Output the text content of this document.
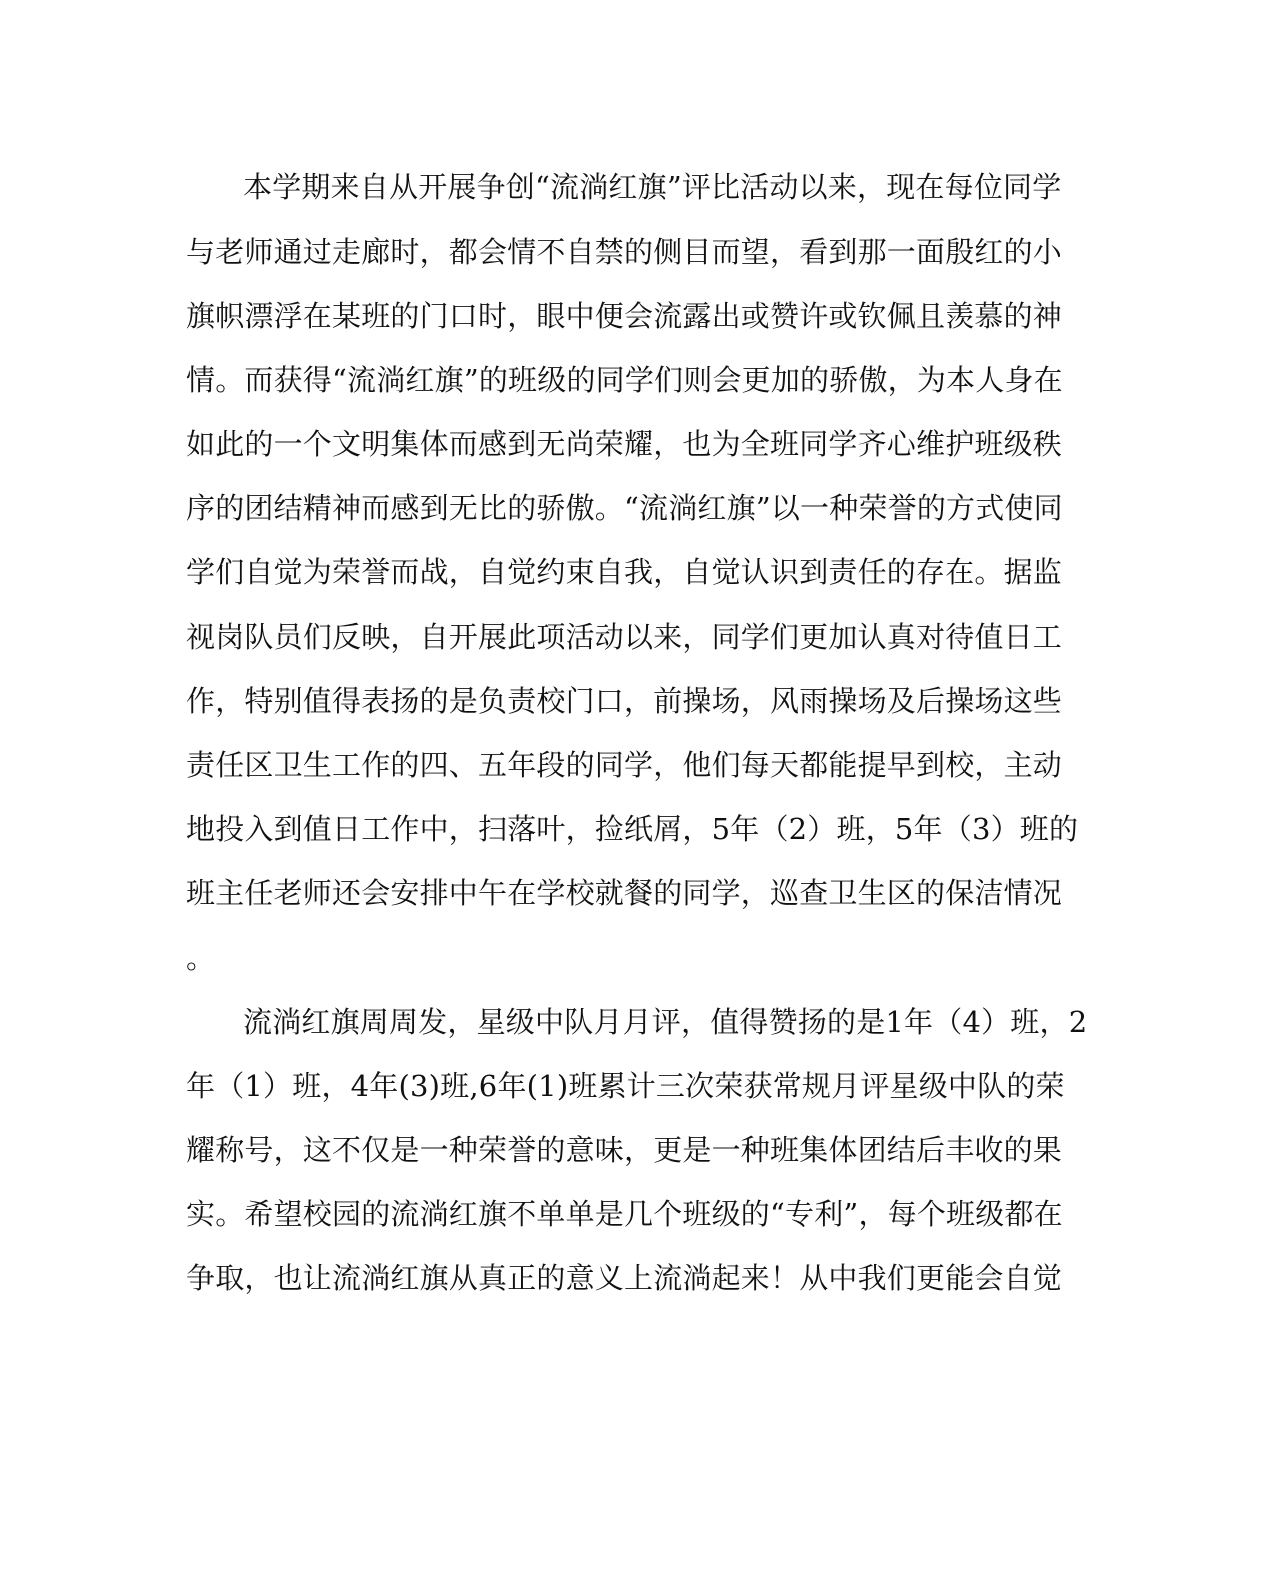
本学期来自从开展争创“流淌红旗”评比活动以来，现在每位同学
与老师通过走廊时，都会情不自禁的侧目而望，看到那一面殷红的小
旗帜漂浮在某班的门口时，眼中便会流露出或赞许或钦佩且羡慕的神
情。而获得“流淌红旗”的班级的同学们则会更加的骄傲，为本人身在
如此的一个文明集体而感到无尚荣耀，也为全班同学齐心维护班级秩
序的团结精神而感到无比的骄傲。“流淌红旗”以一种荣誉的方式使同
学们自觉为荣誉而战，自觉约束自我，自觉认识到责任的存在。据监
视岗队员们反映，自开展此项活动以来，同学们更加认真对待值日工
作，特别值得表扬的是负责校门口，前操场，风雨操场及后操场这些
责任区卫生工作的四、五年段的同学，他们每天都能提早到校，主动
地投入到值日工作中，扫落叶，捡纸屑，5年（2）班，5年（3）班的
班主任老师还会安排中午在学校就餐的同学，巡查卫生区的保洁情况
。
流淌红旗周周发，星级中队月月评，值得赞扬的是1年（4）班，2
年（1）班，4年(3)班,6年(1)班累计三次荣获常规月评星级中队的荣
耀称号，这不仅是一种荣誉的意味，更是一种班集体团结后丰收的果
实。希望校园的流淌红旗不单单是几个班级的“专利”，每个班级都在
争取，也让流淌红旗从真正的意义上流淌起来！从中我们更能会自觉
